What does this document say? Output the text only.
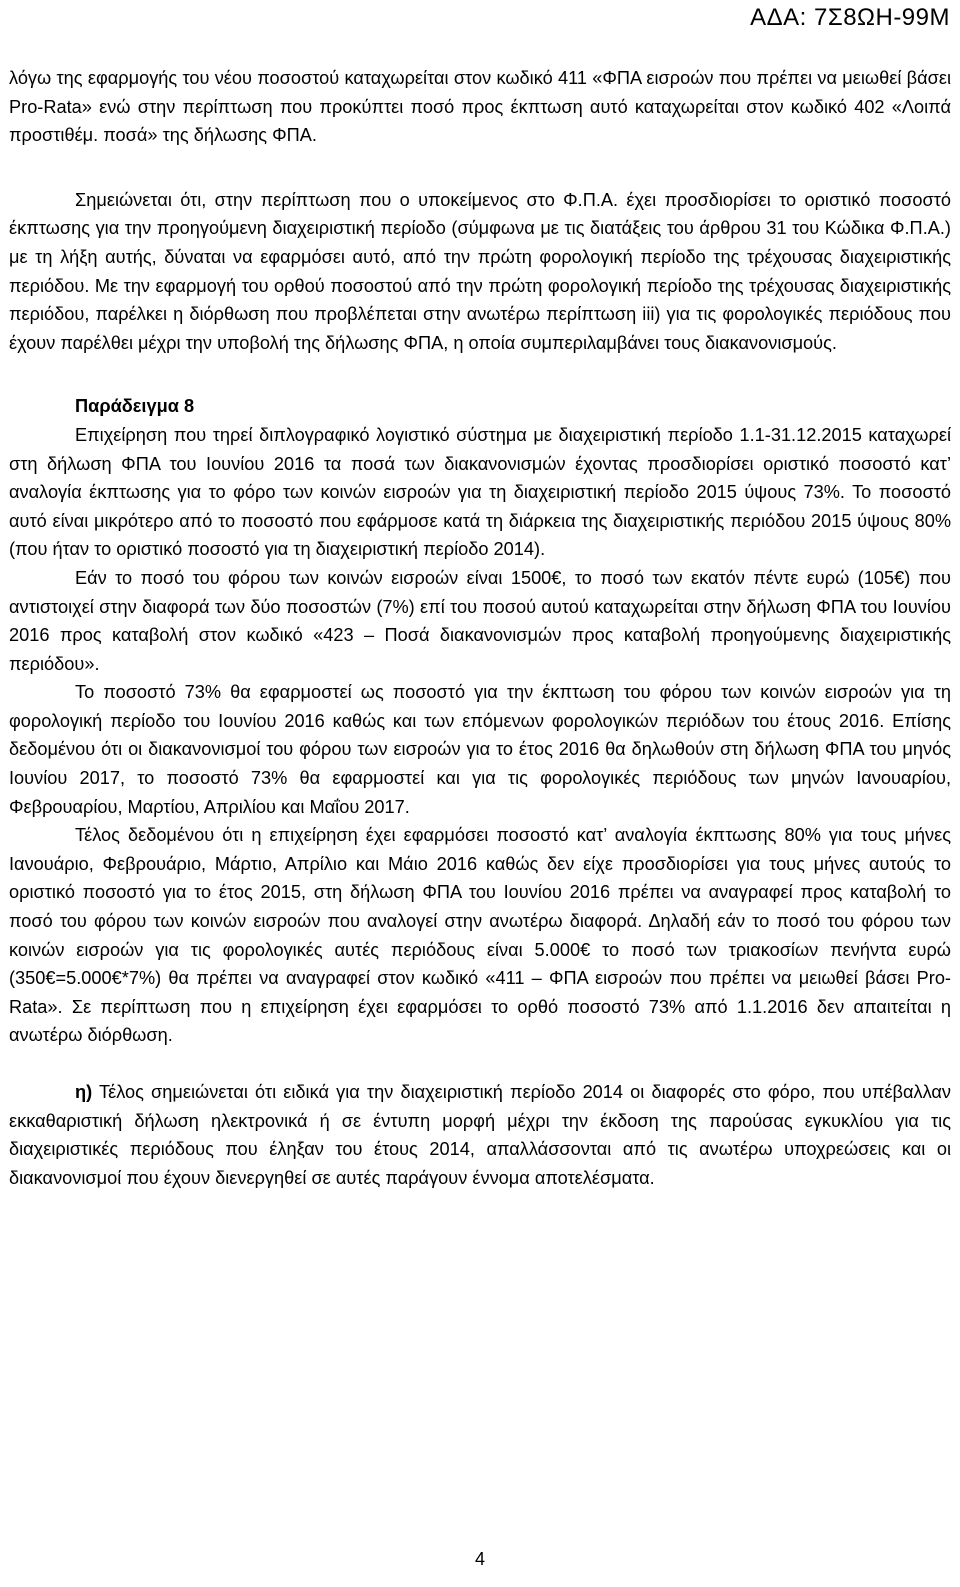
ΑΔΑ: 7Σ8ΩΗ-99Μ

λόγω της εφαρμογής του νέου ποσοστού καταχωρείται στον κωδικό 411 «ΦΠΑ εισροών που πρέπει να μειωθεί βάσει Pro-Rata» ενώ στην περίπτωση που προκύπτει ποσό προς έκπτωση αυτό καταχωρείται στον κωδικό 402 «Λοιπά προστιθέμ. ποσά» της δήλωσης ΦΠΑ.

Σημειώνεται ότι, στην περίπτωση που ο υποκείμενος στο Φ.Π.Α. έχει προσδιορίσει το οριστικό ποσοστό έκπτωσης για την προηγούμενη διαχειριστική περίοδο (σύμφωνα με τις διατάξεις του άρθρου 31 του Κώδικα Φ.Π.Α.) με τη λήξη αυτής, δύναται να εφαρμόσει αυτό, από την πρώτη φορολογική περίοδο της τρέχουσας διαχειριστικής περιόδου. Με την εφαρμογή του ορθού ποσοστού από την πρώτη φορολογική περίοδο της τρέχουσας διαχειριστικής περιόδου, παρέλκει η διόρθωση που προβλέπεται στην ανωτέρω περίπτωση iii) για τις φορολογικές περιόδους που έχουν παρέλθει μέχρι την υποβολή της δήλωσης ΦΠΑ, η οποία συμπεριλαμβάνει τους διακανονισμούς.

Παράδειγμα 8

Επιχείρηση που τηρεί διπλογραφικό λογιστικό σύστημα με διαχειριστική περίοδο 1.1-31.12.2015 καταχωρεί στη δήλωση ΦΠΑ του Ιουνίου 2016 τα ποσά των διακανονισμών έχοντας προσδιορίσει οριστικό ποσοστό κατ’ αναλογία έκπτωσης για το φόρο των κοινών εισροών για τη διαχειριστική περίοδο 2015 ύψους 73%. Το ποσοστό αυτό είναι μικρότερο από το ποσοστό που εφάρμοσε κατά τη διάρκεια της διαχειριστικής περιόδου 2015 ύψους 80% (που ήταν το οριστικό ποσοστό για τη διαχειριστική περίοδο 2014).

Εάν το ποσό του φόρου των κοινών εισροών είναι 1500€, το ποσό των εκατόν πέντε ευρώ (105€) που αντιστοιχεί στην διαφορά των δύο ποσοστών (7%) επί του ποσού αυτού καταχωρείται στην δήλωση ΦΠΑ του Ιουνίου 2016 προς καταβολή στον κωδικό «423 – Ποσά διακανονισμών προς καταβολή προηγούμενης διαχειριστικής περιόδου».

Το ποσοστό 73% θα εφαρμοστεί ως ποσοστό για την έκπτωση του φόρου των κοινών εισροών για τη φορολογική περίοδο του Ιουνίου 2016 καθώς και των επόμενων φορολογικών περιόδων του έτους 2016. Επίσης δεδομένου ότι οι διακανονισμοί του φόρου των εισροών για το έτος 2016 θα δηλωθούν στη δήλωση ΦΠΑ του μηνός Ιουνίου 2017, το ποσοστό 73% θα εφαρμοστεί και για τις φορολογικές περιόδους των μηνών Ιανουαρίου, Φεβρουαρίου, Μαρτίου, Απριλίου και Μαΐου 2017.

Τέλος δεδομένου ότι η επιχείρηση έχει εφαρμόσει ποσοστό κατ’ αναλογία έκπτωσης 80% για τους μήνες Ιανουάριο, Φεβρουάριο, Μάρτιο, Απρίλιο και Μάιο 2016 καθώς δεν είχε προσδιορίσει για τους μήνες αυτούς το οριστικό ποσοστό για το έτος 2015, στη δήλωση ΦΠΑ του Ιουνίου 2016 πρέπει να αναγραφεί προς καταβολή το ποσό του φόρου των κοινών εισροών που αναλογεί στην ανωτέρω διαφορά. Δηλαδή εάν το ποσό του φόρου των κοινών εισροών για τις φορολογικές αυτές περιόδους είναι 5.000€ το ποσό των τριακοσίων πενήντα ευρώ (350€=5.000€*7%) θα πρέπει να αναγραφεί στον κωδικό «411 – ΦΠΑ εισροών που πρέπει να μειωθεί βάσει Pro-Rata». Σε περίπτωση που η επιχείρηση έχει εφαρμόσει το ορθό ποσοστό 73% από 1.1.2016 δεν απαιτείται η ανωτέρω διόρθωση.

η) Τέλος σημειώνεται ότι ειδικά για την διαχειριστική περίοδο 2014 οι διαφορές στο φόρο, που υπέβαλλαν εκκαθαριστική δήλωση ηλεκτρονικά ή σε έντυπη μορφή μέχρι την έκδοση της παρούσας εγκυκλίου για τις διαχειριστικές περιόδους που έληξαν του έτους 2014, απαλλάσσονται από τις ανωτέρω υποχρεώσεις και οι διακανονισμοί που έχουν διενεργηθεί σε αυτές παράγουν έννομα αποτελέσματα.

4
